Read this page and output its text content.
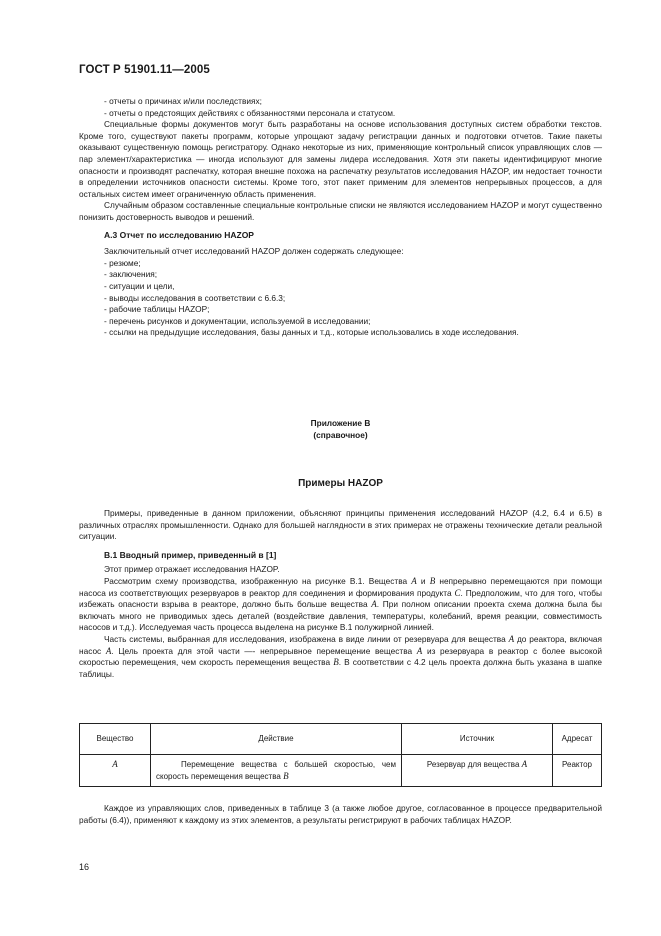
ГОСТ Р 51901.11—2005

- отчеты о причинах и/или последствиях;

- отчеты о предстоящих действиях с обязанностями персонала и статусом.

Специальные формы документов могут быть разработаны на основе использования доступных систем обработки текстов. Кроме того, существуют пакеты программ, которые упрощают задачу регистрации данных и подготовки отчетов. Такие пакеты оказывают существенную помощь регистратору. Однако некоторые из них, применяющие контрольный список управляющих слов — пар элемент/характеристика — иногда используют для замены лидера исследования. Хотя эти пакеты идентифицируют многие опасности и производят распечатку, которая внешне похожа на распечатку результатов исследования HAZOP, им недостает точности в определении источников опасности системы. Кроме того, этот пакет применим для элементов непрерывных процессов, а для остальных систем имеет ограниченную область применения.

Случайным образом составленные специальные контрольные списки не являются исследованием HAZOP и могут существенно понизить достоверность выводов и решений.

А.3 Отчет по исследованию HAZOP

Заключительный отчет исследований HAZOP должен содержать следующее:

- резюме;

- заключения;

- ситуации и цели,

- выводы исследования в соответствии с 6.6.3;

- рабочие таблицы HAZOP;

- перечень рисунков и документации, используемой в исследовании;

- ссылки на предыдущие исследования, базы данных и т.д., которые использовались в ходе исследования.

Приложение В
(справочное)
Примеры HAZOP

Примеры, приведенные в данном приложении, объясняют принципы применения исследований HAZOP (4.2, 6.4 и 6.5) в различных отраслях промышленности. Однако для большей наглядности в этих примерах не отражены технические детали реальной ситуации.

В.1 Вводный пример, приведенный в [1]

Этот пример отражает исследования HAZOP.

Рассмотрим схему производства, изображенную на рисунке В.1. Вещества А и В непрерывно перемещаются при помощи насоса из соответствующих резервуаров в реактор для соединения и формирования продукта С. Предположим, что для того, чтобы избежать опасности взрыва в реакторе, должно быть больше вещества А. При полном описании проекта схема должна была бы включать много не приводимых здесь деталей (воздействие давления, температуры, колебаний, время реакции, совместимость насосов и т.д.). Исследуемая часть процесса выделена на рисунке В.1 полужирной линией.

Часть системы, выбранная для исследования, изображена в виде линии от резервуара для вещества А до реактора, включая насос А. Цель проекта для этой части —- непрерывное перемещение вещества А из резервуара в реактор с более высокой скоростью перемещения, чем скорость перемещения вещества В. В соответствии с 4.2 цель проекта должна быть указана в шапке таблицы.

Вещество	Действие	Источник	Адресат
А	Перемещение вещества с большей скоростью, чем скорость перемещения вещества В	Резервуар для вещества А	Реактор

Каждое из управляющих слов, приведенных в таблице 3 (а также любое другое, согласованное в процессе предварительной работы (6.4)), применяют к каждому из этих элементов, а результаты регистрируют в рабочих таблицах HAZOP.

16
